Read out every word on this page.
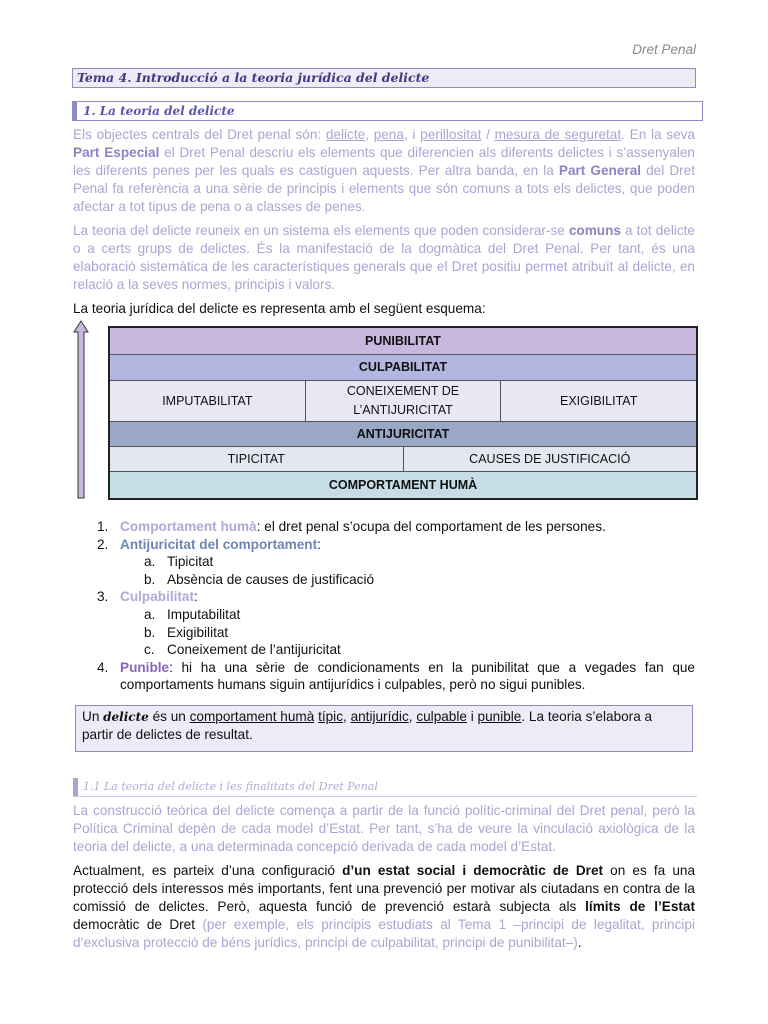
Dret Penal
Tema 4. Introducció a la teoria jurídica del delicte
1. La teoria del delicte
Els objectes centrals del Dret penal són: delicte, pena, i perillositat / mesura de seguretat. En la seva Part Especial el Dret Penal descriu els elements que diferencien als diferents delictes i s’assenyalen les diferents penes per les quals es castiguen aquests. Per altra banda, en la Part General del Dret Penal fa referència a una sèrie de principis i elements que són comuns a tots els delictes, que poden afectar a tot tipus de pena o a classes de penes.
La teoria del delicte reuneix en un sistema els elements que poden considerar-se comuns a tot delicte o a certs grups de delictes. És la manifestació de la dogmàtica del Dret Penal. Per tant, és una elaboració sistemàtica de les característiques generals que el Dret positiu permet atribuït al delicte, en relació a la seves normes, principis i valors.
La teoria jurídica del delicte es representa amb el següent esquema:
PUNIBILITAT
CULPABILITAT
IMPUTABILITAT
CONEIXEMENT DE
L’ANTIJURICITAT
EXIGIBILITAT
ANTIJURICITAT
TIPICITAT	CAUSES DE JUSTIFICACIÓ
COMPORTAMENT HUMÀ
1. Comportament humà: el dret penal s’ocupa del comportament de les persones.
2. Antijuricitat del comportament:
a. Tipicitat
b. Absència de causes de justificació
3. Culpabilitat:
a. Imputabilitat
b. Exigibilitat
c. Coneixement de l’antijuricitat
4. Punible: hi ha una sèrie de condicionaments en la punibilitat que a vegades fan que comportaments humans siguin antijurídics i culpables, però no sigui punibles.
Un delicte és un comportament humà típic, antijurídic, culpable i punible. La teoria s’elabora a partir de delictes de resultat.
1.1 La teoria del delicte i les finalitats del Dret Penal
La construcció teòrica del delicte comença a partir de la funció polític-criminal del Dret penal, però la Política Criminal depèn de cada model d’Estat. Per tant, s’ha de veure la vinculació axiològica de la teoria del delicte, a una determinada concepció derivada de cada model d’Estat.
Actualment, es parteix d’una configuració d’un estat social i democràtic de Dret on es fa una protecció dels interessos més importants, fent una prevenció per motivar als ciutadans en contra de la comissió de delictes. Però, aquesta funció de prevenció estarà subjecta als límits de l’Estat democràtic de Dret (per exemple, els principis estudiats al Tema 1 –principi de legalitat, principi d’exclusiva protecció de béns jurídics, principi de culpabilitat, principi de punibilitat–).
